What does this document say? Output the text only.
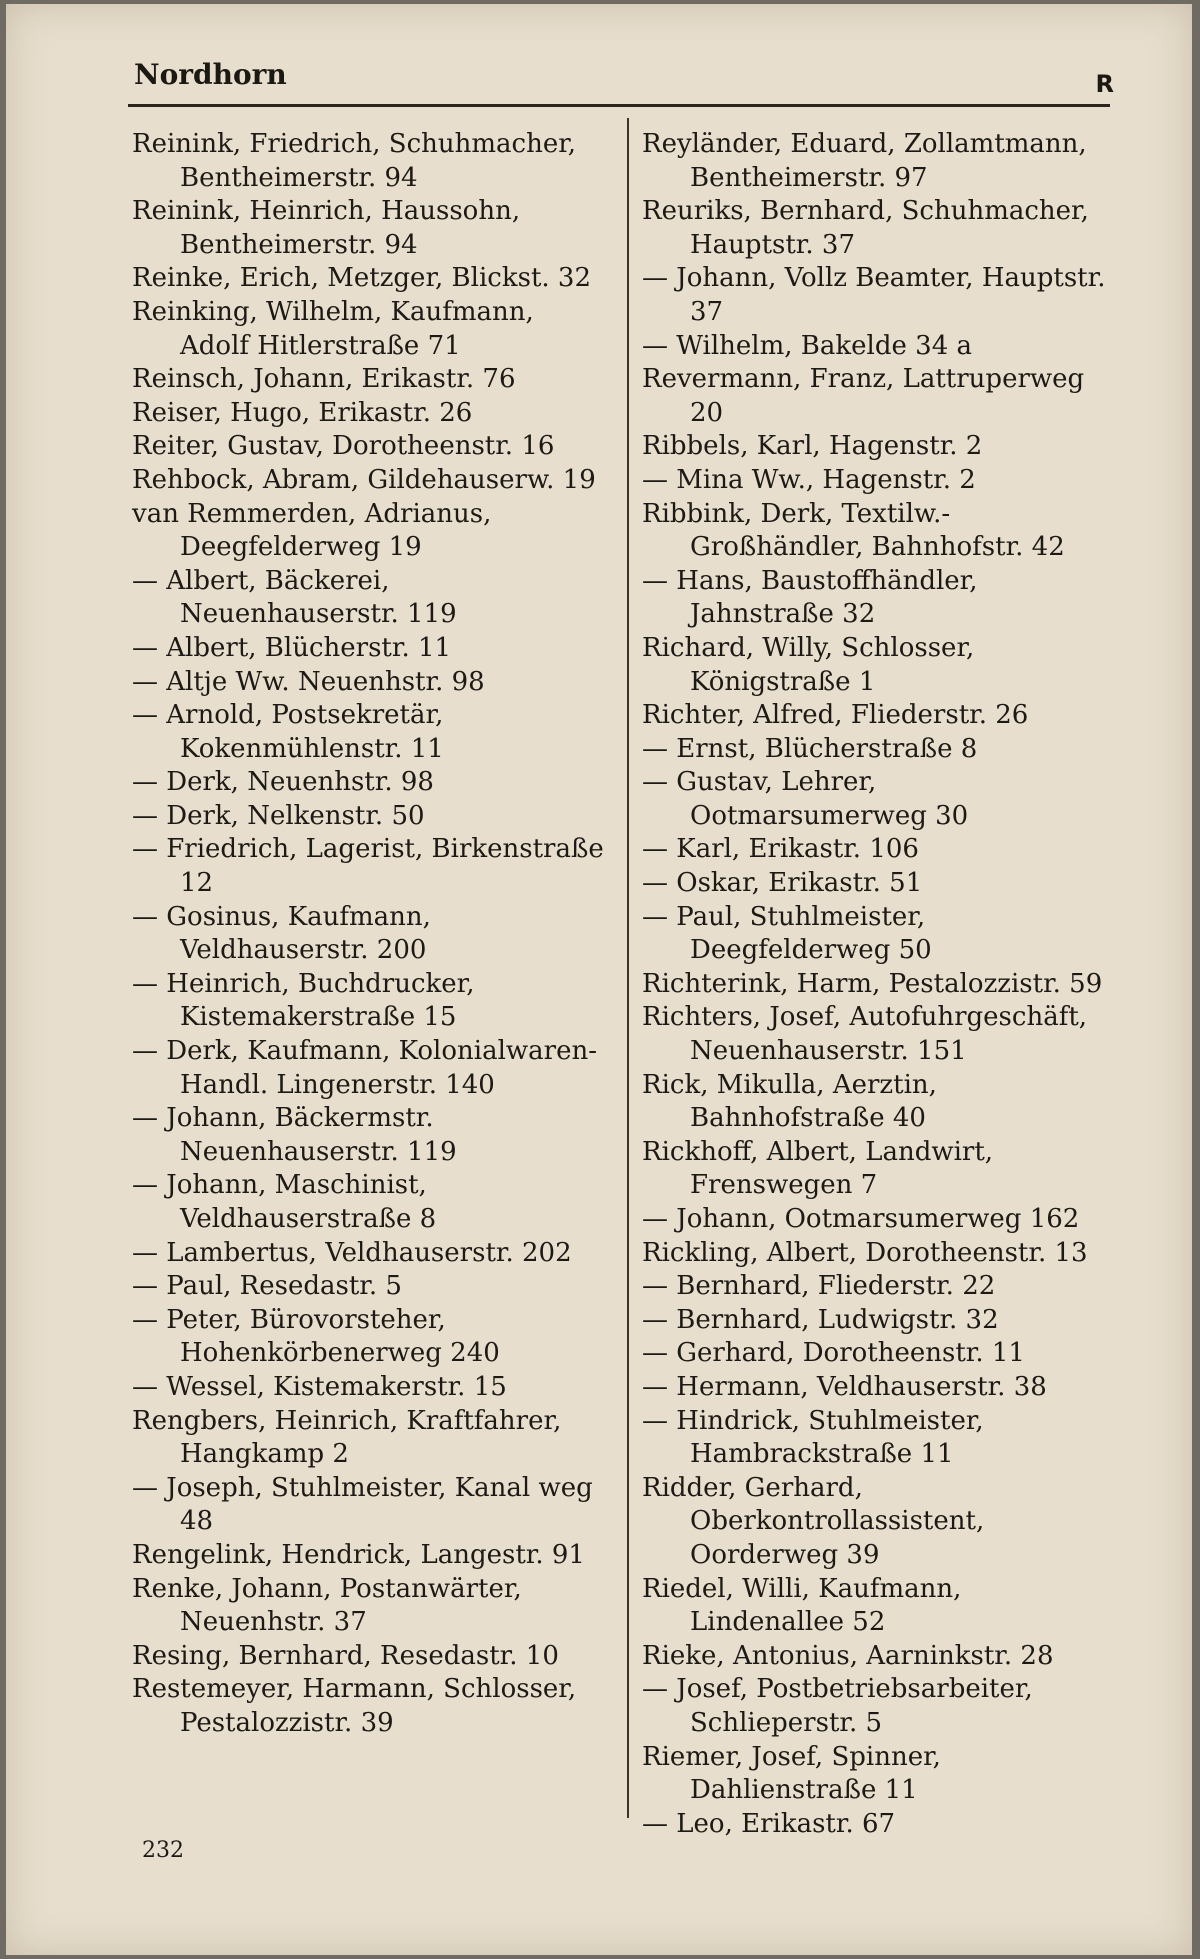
Nordhorn	R

Reinink, Friedrich, Schuhmacher, Bentheimerstr. 94

Reinink, Heinrich, Haussohn, Bentheimerstr. 94

Reinke, Erich, Metzger, Blickst. 32

Reinking, Wilhelm, Kaufmann, Adolf Hitlerstraße 71

Reinsch, Johann, Erikastr. 76

Reiser, Hugo, Erikastr. 26

Reiter, Gustav, Dorotheenstr. 16

Rehbock, Abram, Gildehauserw. 19

van Remmerden, Adrianus, Deegfelderweg 19

— Albert, Bäckerei, Neuenhauserstr. 119

— Albert, Blücherstr. 11

— Altje Ww. Neuenhstr. 98

— Arnold, Postsekretär, Kokenmühlenstr. 11

— Derk, Neuenhstr. 98

— Derk, Nelkenstr. 50

— Friedrich, Lagerist, Birkenstraße 12

— Gosinus, Kaufmann, Veldhauserstr. 200

— Heinrich, Buchdrucker, Kistemakerstraße 15

— Derk, Kaufmann, Kolonialwaren-Handl. Lingenerstr. 140

— Johann, Bäckermstr. Neuenhauserstr. 119

— Johann, Maschinist, Veldhauserstraße 8

— Lambertus, Veldhauserstr. 202

— Paul, Resedastr. 5

— Peter, Bürovorsteher, Hohenkörbenerweg 240

— Wessel, Kistemakerstr. 15

Rengbers, Heinrich, Kraftfahrer, Hangkamp 2

— Joseph, Stuhlmeister, Kanal weg 48

Rengelink, Hendrick, Langestr. 91

Renke, Johann, Postanwärter, Neuenhstr. 37

Resing, Bernhard, Resedastr. 10

Restemeyer, Harmann, Schlosser, Pestalozzistr. 39

Reyländer, Eduard, Zollamtmann, Bentheimerstr. 97

Reuriks, Bernhard, Schuhmacher, Hauptstr. 37

— Johann, Vollz Beamter, Hauptstr. 37

— Wilhelm, Bakelde 34 a

Revermann, Franz, Lattruperweg 20

Ribbels, Karl, Hagenstr. 2

— Mina Ww., Hagenstr. 2

Ribbink, Derk, Textilw.-Großhändler, Bahnhofstr. 42

— Hans, Baustoffhändler, Jahnstraße 32

Richard, Willy, Schlosser, Königstraße 1

Richter, Alfred, Fliederstr. 26

— Ernst, Blücherstraße 8

— Gustav, Lehrer, Ootmarsumerweg 30

— Karl, Erikastr. 106

— Oskar, Erikastr. 51

— Paul, Stuhlmeister, Deegfelderweg 50

Richterink, Harm, Pestalozzistr. 59

Richters, Josef, Autofuhrgeschäft, Neuenhauserstr. 151

Rick, Mikulla, Aerztin, Bahnhofstraße 40

Rickhoff, Albert, Landwirt, Frenswegen 7

— Johann, Ootmarsumerweg 162

Rickling, Albert, Dorotheenstr. 13

— Bernhard, Fliederstr. 22

— Bernhard, Ludwigstr. 32

— Gerhard, Dorotheenstr. 11

— Hermann, Veldhauserstr. 38

— Hindrick, Stuhlmeister, Hambrackstraße 11

Ridder, Gerhard, Oberkontrollassistent, Oorderweg 39

Riedel, Willi, Kaufmann, Lindenallee 52

Rieke, Antonius, Aarninkstr. 28

— Josef, Postbetriebsarbeiter, Schlieperstr. 5

Riemer, Josef, Spinner, Dahlienstraße 11

— Leo, Erikastr. 67

232
